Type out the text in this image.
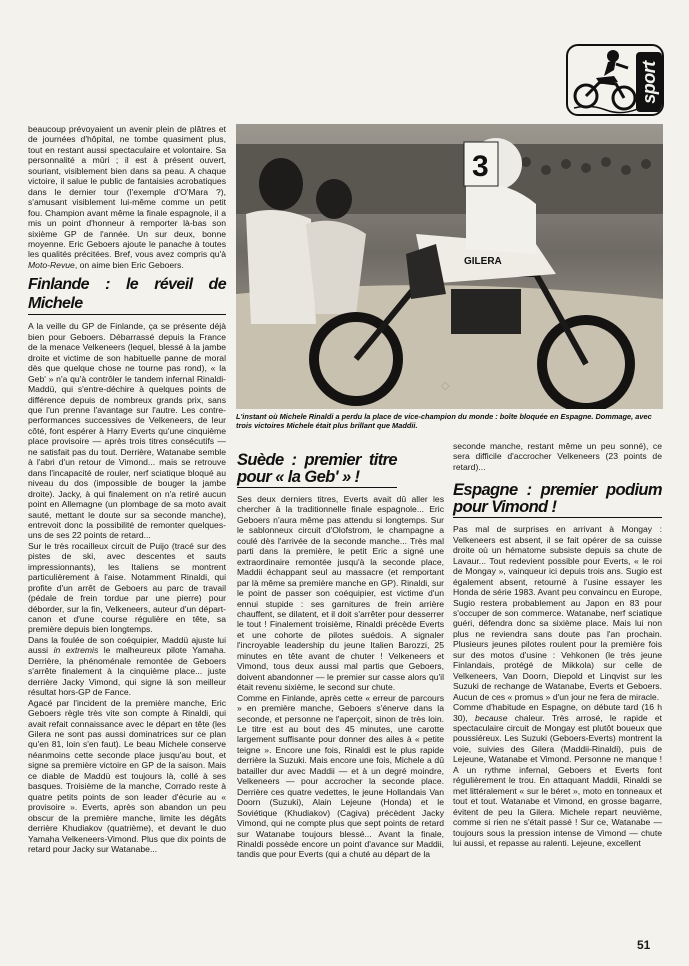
sport

beaucoup prévoyaient un avenir plein de plâtres et de journées d'hôpital, ne tombe quasiment plus, tout en restant aussi spectaculaire et volontaire. Sa personnalité a mûri ; il est à présent ouvert, souriant, visiblement bien dans sa peau. A chaque victoire, il salue le public de fantaisies acrobatiques dans le dernier tour (l'exemple d'O'Mara ?), s'amusant visiblement lui-même comme un petit fou. Champion avant même la finale espagnole, il a mis un point d'honneur à remporter là-bas son sixième GP de l'année. Un sur deux, bonne moyenne. Eric Geboers ajoute le panache à toutes les qualités précitées. Bref, vous avez compris qu'à Moto-Revue, on aime bien Eric Geboers.

Finlande : le réveil de Michele

A la veille du GP de Finlande, ça se présente déjà bien pour Geboers. Débarrassé depuis la France de la menace Velkeneers (lequel, blessé à la jambe droite et victime de son habituelle panne de moral dès que quelque chose ne tourne pas rond), « la Geb' » n'a qu'à contrôler le tandem infernal Rinaldi-Maddü, qui s'entre-déchire à quelques points de différence depuis de nombreux grands prix, sans que l'un prenne l'avantage sur l'autre. Les contre-performances successives de Velkeneers, de leur côté, font espérer à Harry Everts qu'une cinquième place provisoire — après trois titres consécutifs — ne satisfait pas du tout. Derrière, Watanabe semble à l'abri d'un retour de Vimond... mais se retrouve dans l'incapacité de rouler, nerf sciatique bloqué au niveau du dos (impossible de bouger la jambe droite). Jacky, à qui finalement on n'a retiré aucun point en Allemagne (un plombage de sa moto avait sauté, mettant le doute sur sa seconde manche), entrevoit donc la possibilité de remonter quelques-uns de ses 22 points de retard...

Sur le très rocailleux circuit de Puijo (tracé sur des pistes de ski, avec descentes et sauts impressionnants), les Italiens se montrent particulièrement à l'aise. Notamment Rinaldi, qui profite d'un arrêt de Geboers au parc de travail (pédale de frein tordue par une pierre) pour déborder, sur la fin, Velkeneers, auteur d'un départ-canon et d'une course régulière en tête, sa première depuis bien longtemps.

Dans la foulée de son coéquipier, Maddü ajuste lui aussi in extremis le malheureux pilote Yamaha. Derrière, la phénoménale remontée de Geboers s'arrête finalement à la cinquième place... juste derrière Jacky Vimond, qui signe là son meilleur résultat hors-GP de Fance.

Agacé par l'incident de la première manche, Eric Geboers règle très vite son compte à Rinaldi, qui avait refait connaissance avec le départ en tête (les Gilera ne sont pas aussi dominatrices sur ce plan qu'en 81, loin s'en faut). Le beau Michele conserve néanmoins cette seconde place jusqu'au bout, et signe sa première victoire en GP de la saison. Mais ce diable de Maddü est toujours là, collé à ses basques. Troisième de la manche, Corrado reste à quatre petits points de son leader d'écurie au « provisoire ». Everts, après son abandon un peu obscur de la première manche, limite les dégâts derrière Khudiakov (quatrième), et devant le duo Yamaha Velkeneers-Vimond. Plus que dix points de retard pour Jacky sur Watanabe...

GILERA
3
◇
L'instant où Michele Rinaldi a perdu la place de vice-champion du monde : boîte bloquée en Espagne. Dommage, avec trois victoires Michele était plus brillant que Maddii.
Suède : premier titre pour « la Geb' » !

Ses deux derniers titres, Everts avait dû aller les chercher à la traditionnelle finale espagnole... Eric Geboers n'aura même pas attendu si longtemps. Sur le sablonneux circuit d'Olofstrom, le champagne a coulé dès l'arrivée de la seconde manche... Très mal parti dans la première, le petit Eric a signé une extraordinaire remontée jusqu'à la seconde place, Maddii échappant seul au massacre (et remportant par là même sa première manche en GP). Rinaldi, sur le point de passer son coéquipier, est victime d'un ennui stupide : ses garnitures de frein arrière chauffent, se dilatent, et il doit s'arrêter pour desserrer le tout ! Finalement troisième, Rinaldi précède Everts et une cohorte de pilotes suédois. A signaler l'incroyable leadership du jeune Italien Barozzi, 25 minutes en tête avant de chuter ! Velkeneers et Vimond, tous deux aussi mal partis que Geboers, doivent abandonner — le premier sur casse alors qu'il était revenu sixième, le second sur chute.

Comme en Finlande, après cette « erreur de parcours » en première manche, Geboers s'énerve dans la seconde, et personne ne l'aperçoit, sinon de très loin. Le titre est au bout des 45 minutes, une carotte largement suffisante pour donner des ailes à « petite teigne ». Encore une fois, Rinaldi est le plus rapide derrière la Suzuki. Mais encore une fois, Michele a dû batailler dur avec Maddii — et à un degré moindre, Velkeneers — pour accrocher la seconde place. Derrière ces quatre vedettes, le jeune Hollandais Van Doorn (Suzuki), Alain Lejeune (Honda) et le Soviétique (Khudiakov) (Cagiva) précèdent Jacky Vimond, qui ne compte plus que sept points de retard sur Watanabe toujours blessé... Avant la finale, Rinaldi possède encore un point d'avance sur Maddii, tandis que pour Everts (qui a chuté au départ de la

seconde manche, restant même un peu sonné), ce sera difficile d'accrocher Velkeneers (23 points de retard)...

Espagne : premier podium pour Vimond !

Pas mal de surprises en arrivant à Mongay : Velkeneers est absent, il se fait opérer de sa cuisse droite où un hématome subsiste depuis sa chute de Lavaur... Tout redevient possible pour Everts, « le roi de Mongay », vainqueur ici depuis trois ans. Sugio est également absent, retourné à l'usine essayer les Honda de série 1983. Avant peu convaincu en Europe, Sugio restera probablement au Japon en 83 pour s'occuper de son commerce. Watanabe, nerf sciatique guéri, défendra donc sa sixième place. Mais lui non plus ne reviendra sans doute pas l'an prochain. Plusieurs jeunes pilotes roulent pour la première fois sur des motos d'usine : Vehkonen (le très jeune Finlandais, protégé de Mikkola) sur celle de Velkeneers, Van Doorn, Diepold et Linqvist sur les Suzuki de rechange de Watanabe, Everts et Geboers. Aucun de ces « promus » d'un jour ne fera de miracle.

Comme d'habitude en Espagne, on débute tard (16 h 30), because chaleur. Très arrosé, le rapide et spectaculaire circuit de Mongay est plutôt boueux que poussiéreux. Les Suzuki (Geboers-Everts) montrent la voie, suivies des Gilera (Maddii-Rinaldi), puis de Lejeune, Watanabe et Vimond. Personne ne manque ! A un rythme infernal, Geboers et Everts font régulièrement le trou. En attaquant Maddii, Rinaldi se met littéralement « sur le béret », moto en tonneaux et tout et tout. Watanabe et Vimond, en grosse bagarre, évitent de peu la Gilera. Michele repart neuvième, comme si rien ne s'était passé ! Sur ce, Watanabe — toujours sous la pression intense de Vimond — chute lui aussi, et repasse au ralenti. Lejeune, excellent

51
